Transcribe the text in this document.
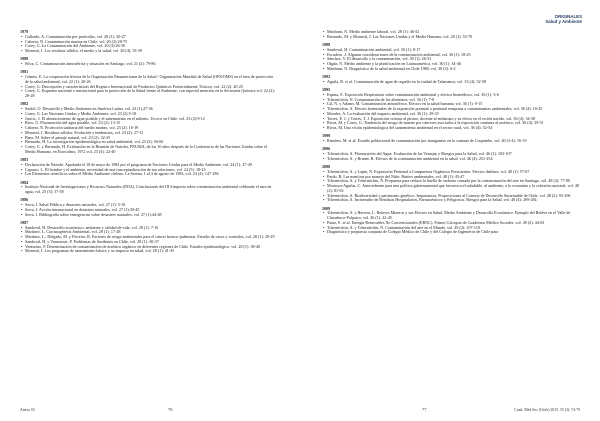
1979
• Gallardo, A. Contaminación por pesticidas, vol. 20 (1): 20-27
• Cabrera, N. Contaminación marina en Chile, vol. 20 (2):28-75
• Corey, G. La Contaminación del Ambiente, vol. 20 (3):26-30
• Monreal, J. Los residuos sólidos, el medio y la salud, vol. 20 (4): 33-39
1980
• Silva, C. Contaminación atmosférica y situación en Santiago, vol. 21 (2): 79-86
1981
• Gómez, E. La cooperación técnica de la Organización Panamericana de la Salud / Organización Mundial de Salud (OPS/OMS) en el área de protección de la salud ambiental, vol. 22 (1): 20-26
• Corey, G. Descripción y características del Registro Internacional de Productos Químicos Potencialmente Tóxicos, vol. 22 (2): 20-25
• Corey, G. Esquema nacional e institucional para la protección de la Salud frente al Ambiente, con especial mención en la Secretaría Química vol. 22 (2): 20-28
1982
• Sarkel, O. Desarrollo y Medio Ambiente en América Latina, vol. 23 (1):27-36
• Corey, G. Las Naciones Unidas y Medio Ambiente, vol. 23 (2):5-10
• Juricic, J. El abastecimiento de agua potable y el saneamiento en el milenio. Un eco en Chile, vol. 23 (2):9-12
• Brox, G. Fluoruración del agua potable, vol. 23 (2): 13-15
• Cabrera, N. Protección sanitaria del medio marino, vol. 23 (2): 16-19
• Monreal, J. Residuos sólidos: Evolución y tendencias, vol. 23 (2): 27-31
• Baez, M. Sobre el paisaje natural, vol. 23 (2): 32-35
• Bernardo, H. La investigación epidemiológica en salud ambiental, vol. 23 (2): 56-60
• Corey, G. y Bernardo, H. Evaluación en la Reunión de Nairobi, PNUMA, de los 10 años después de la Conferencia de las Naciones Unidas sobre el Medio Humano, en Estocolmo, 1972 vol. 23 (4): 22-40
1983
• Declaración de Nairobi. Aprobada el 18 de mayo de 1982 por el programa de Naciones Unidas para el Medio Ambiente, vol. 24 (1): 47-49
• Capurro, L. El hombre y el ambiente, necesidad de una conceptualización de sus relaciones, vol. 24 (5): 18-23
• Los Elementos científicos sobre el Medio Ambiente chileno. La Serena, 1 al 4 de agosto de 1983, vol. 24 (4): 147-186
1984
• Instituto Nacional de Investigaciones y Recursos Naturales (INIA). Conclusiones del III Simposio sobre contaminación ambiental celebrado el mes en agua, vol. 25 (3): 57-58
1986
• Serra, I. Salud Pública y desastres naturales, vol. 27 (1): 5-10
• Serra, I. Acción internacional en desastres naturales, vol. 27 (1):39-45
• Serra, I. Bibliografía sobre emergencias sobre desastres naturales, vol. 27 (1):44-48
1987
• Sandoval, H. Desarrollo económico, ambiente y calidad de vida, vol. 28 (1): 7-16
• Martínez, L. Carcinogénesis Ambiental, vol. 28 (1): 17-28
• Martínez, L., Delgado, M. y Ferreira, R. Factores de riesgo ambientales para el cáncer bronco-pulmonar. Estudio de casos y controles, vol. 28 (1): 29-29
• Sandoval, H. y Vanwasset, P. Problemas de Amibiasis en Chile, vol. 28 (1): 30-37
• Venturino, F. Determinación de contaminación de arsénico orgánico en diferentes regiones de Chile. Estudio epidemiológico, vol. 28 (1): 38-40
• Monreal, J. Los programas de saneamiento básico y su impacto en salud, vol. 28 (1): 41-45
Anexo 02	76
ORIGINALES
Salud y Ambiente
• Manfrani, N. Medio ambiente laboral, vol. 28 (1): 46-52
• Bernardo, M. y Monreal, J. Las Naciones Unidas y el Medio Humano, vol. 28 (1): 53-70
1988
• Sandoval, H. Contaminación ambiental, vol. 30 (1): 8-17
• Escudero, J. Algunas consideraciones de la contaminación ambiental, vol. 30 (1): 18-25
• Sánchez, V. El desarrollo y la contaminación, vol. 30 (1): 26-33
• Olgún, N. Medio ambiente y la planificación en Latinoamérica, vol. 30 (1): 34-46
• Manfrani, N. Diagnóstico de la salud ambiental en Chile 1980, vol. 30 (3): 6-2
1992
• Aguila, R. et al. Contaminación de agua de regadío en la ciudad de Talamanca, vol. 33 (4): 52-58
1995
• Espina, E. Exposición Respiratoria sobre contaminación ambiental y efectos biomédicos, vol. 36 (1): 3-6
• Tchernitchin, N. Contaminación de los alimentos, vol. 36 (1): 7-8
• Gil, N. y Adams, M. Contaminación atmosférica. Efectos en la salud humana, vol. 36 (1): 9-15
• Tchernitchin, A. Efectos hormonales de la exposición prenatal o perinatal temprana a contaminantes ambientales, vol. 36 (4): 16-25
• Morales, A. La evaluación del impacto ambiental, vol. 36 (1): 29-35
• Torres, E. J. y Torres, T. J. Exposición crónica al plomo, docente al embarazo y su efecto en el recién nacido, vol. 36 (4): 34-38
• Rivas, M. y Corey, G. Tendencia del riesgo de muerte por cánceres asociados a la exposición continua al arsénico, vol. 36 (4): 39-51
• Rivas, M. Una visión epidemiológica del saneamiento ambiental en el sector rural, vol. 36 (4): 52-54
1999
• Ramírez, M. et al. Estudio poblacional de contaminación por manganeso en la comuna de Coquimbo, vol. 40 (3-4): 16-19
2006
• Tchernitchin, A. Fluoruración del Agua: Evaluación de las Ventajas y Riesgos para la Salud, vol. 46 (2): 103-107
• Tchernitchin, A. y Bruner, R. Efectos de la contaminación ambiental en la salud, vol. 46 (4): 251-254
2008
• Tchernitchin, A. y Lapin, N. Exposición Perinatal a Compuestos Orgánicos Persistentes. Efectos dañinos, vol. 48 (1): 57-67
• Pardo, R. Las mentiras por manejo del Niño: Rinites ambientales, vol. 48 (1): 45-47
• Tchernitchin, A. y Tchernitchin, N. Propuesta para reducir la huella de carbono causada por la contaminación del aire en Santiago, vol. 48 (2): 77-80
• Montoya-Aguilar, C. Antecedentes para una política gubernamental que favorezca el saludable, al ambiente, a la economía y la cohesión nacional, vol. 48 (2): 81-92
• Tchernitchin, A. Biodiversidad y patrimonio genético. Importancia. Proposiciones al Consejo de Desarrollo Sustentable de Chile, vol. 48 (2): 93-106
• Tchernitchin, A. Incinerador de Residuos Hospitalarios, Farmacéuticos y Peligrosos. Riesgos para la Salud, vol. 48 (4): 269-284
2009
• Tchernitchin, A. y Herrera, L. Relaves Mineros y sus Efectos en Salud, Medio Ambiente y Desarrollo Económico. Ejemplo del Relave en el Valle de Chacabuco-Polpaico, vol. 46 (1): 22-45
• Pautz, E. et al. Energía Renovables No Convencionales (ERNC). Primer Coloquio de Cuadernos Médico Sociales, vol. 49 (2): 44-63
• Tchernitchin, A. y Tchernitchin, N. Contaminación del aire en el Mundo, vol. 49 (2): 107-110
• Diagnóstico y propuesta conjunta de Colegio Médico de Chile y del Colegio de Ingenieros de Chile para
77	Cuad. Méd Soc (Chile) 2015, 55 (3): 74-79
